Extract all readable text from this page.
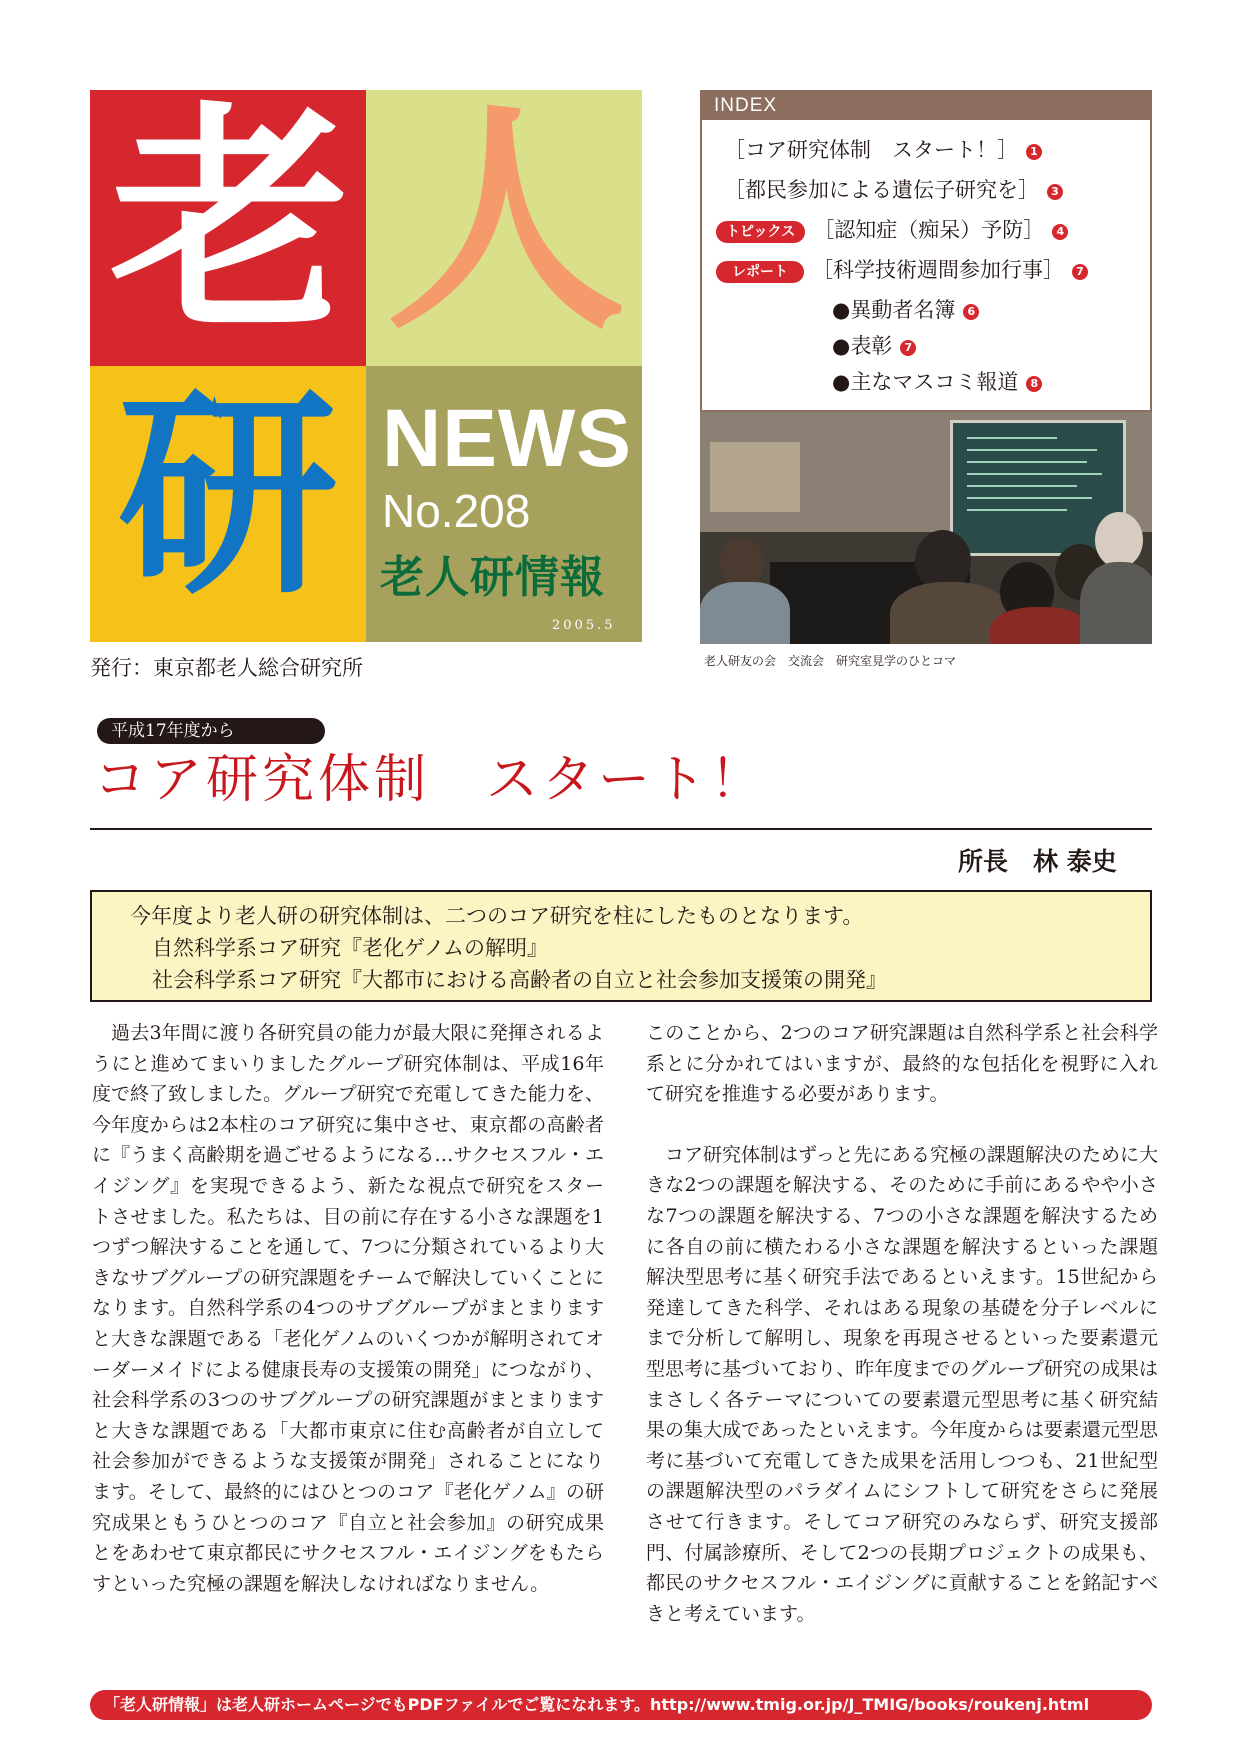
老 人
研 NEWS
No.208
老人研情報
2005.5
発行：東京都老人総合研究所
INDEX
［コア研究体制　スタート！］ 1
［都民参加による遺伝子研究を］ 3
トピックス ［認知症（痴呆）予防］ 4
レポート ［科学技術週間参加行事］ 7
●異動者名簿 6
●表彰 7
●主なマスコミ報道 8
老人研友の会　交流会　研究室見学のひとコマ
平成17年度から
コア研究体制　スタート！
所長　林 泰史
今年度より老人研の研究体制は、二つのコア研究を柱にしたものとなります。
自然科学系コア研究『老化ゲノムの解明』
社会科学系コア研究『大都市における高齢者の自立と社会参加支援策の開発』

過去3年間に渡り各研究員の能力が最大限に発揮されるようにと進めてまいりましたグループ研究体制は、平成16年度で終了致しました。グループ研究で充電してきた能力を、今年度からは2本柱のコア研究に集中させ、東京都の高齢者に『うまく高齢期を過ごせるようになる…サクセスフル・エイジング』を実現できるよう、新たな視点で研究をスタートさせました。私たちは、目の前に存在する小さな課題を1つずつ解決することを通して、7つに分類されているより大きなサブグループの研究課題をチームで解決していくことになります。自然科学系の4つのサブグループがまとまりますと大きな課題である「老化ゲノムのいくつかが解明されてオーダーメイドによる健康長寿の支援策の開発」につながり、社会科学系の3つのサブグループの研究課題がまとまりますと大きな課題である「大都市東京に住む高齢者が自立して社会参加ができるような支援策が開発」されることになります。そして、最終的にはひとつのコア『老化ゲノム』の研究成果ともうひとつのコア『自立と社会参加』の研究成果とをあわせて東京都民にサクセスフル・エイジングをもたらすといった究極の課題を解決しなければなりません。

このことから、2つのコア研究課題は自然科学系と社会科学系とに分かれてはいますが、最終的な包括化を視野に入れて研究を推進する必要があります。

コア研究体制はずっと先にある究極の課題解決のために大きな2つの課題を解決する、そのために手前にあるやや小さな7つの課題を解決する、7つの小さな課題を解決するために各自の前に横たわる小さな課題を解決するといった課題解決型思考に基く研究手法であるといえます。15世紀から発達してきた科学、それはある現象の基礎を分子レベルにまで分析して解明し、現象を再現させるといった要素還元型思考に基づいており、昨年度までのグループ研究の成果はまさしく各テーマについての要素還元型思考に基く研究結果の集大成であったといえます。今年度からは要素還元型思考に基づいて充電してきた成果を活用しつつも、21世紀型の課題解決型のパラダイムにシフトして研究をさらに発展させて行きます。そしてコア研究のみならず、研究支援部門、付属診療所、そして2つの長期プロジェクトの成果も、都民のサクセスフル・エイジングに貢献することを銘記すべきと考えています。

「老人研情報」は老人研ホームページでもPDFファイルでご覧になれます。http://www.tmig.or.jp/J_TMIG/books/roukenj.html
